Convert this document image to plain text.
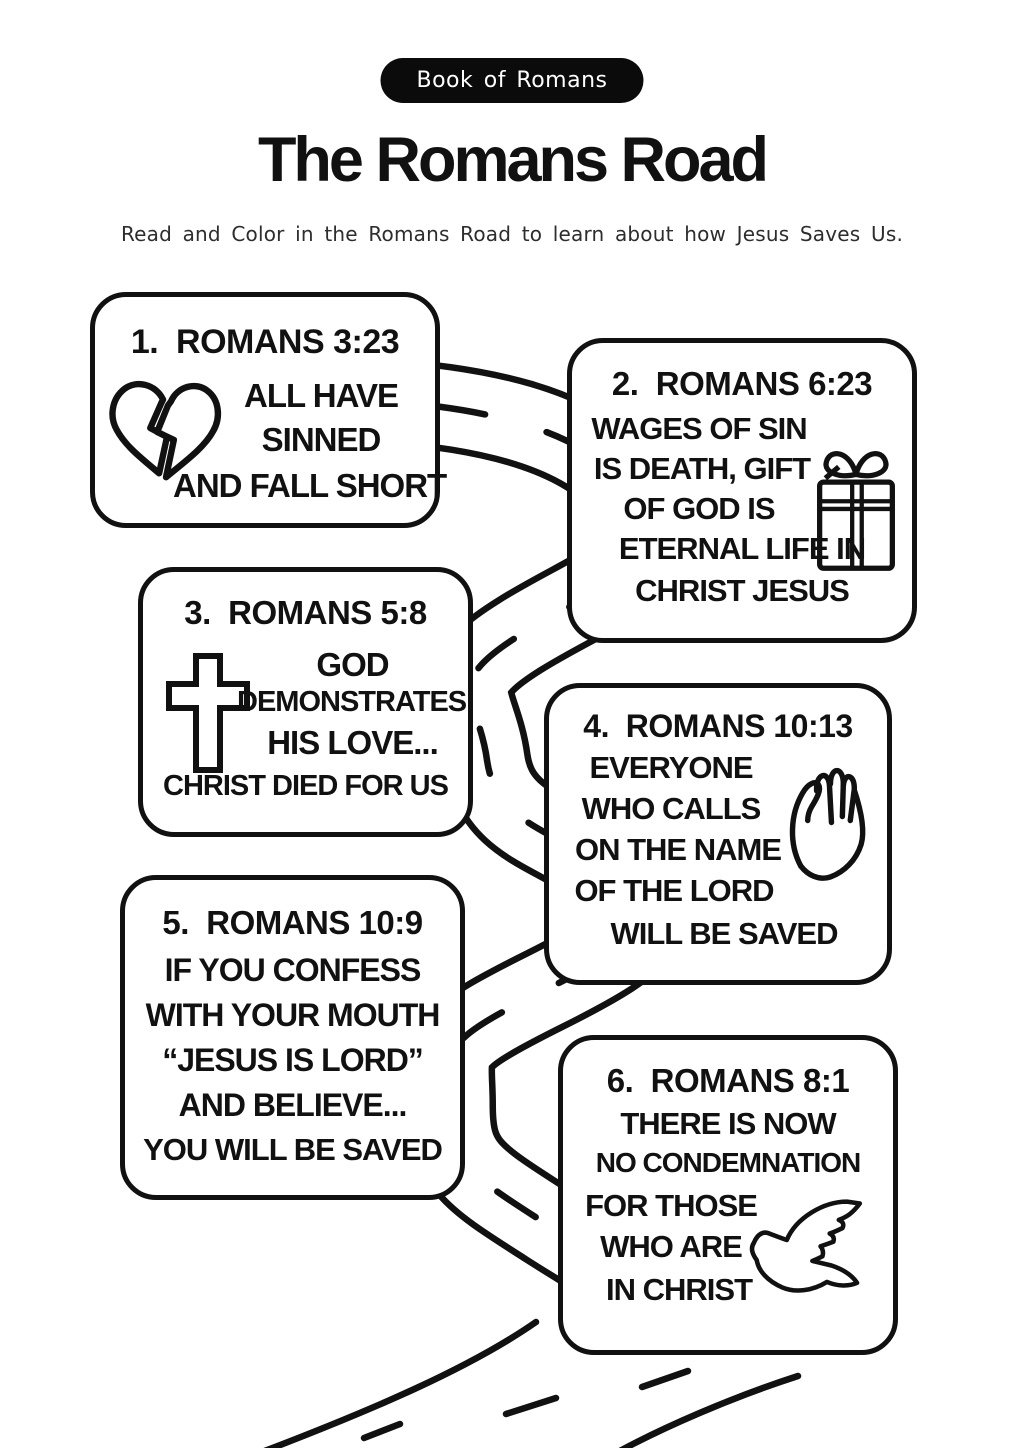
Book of Romans
The Romans Road
Read and Color in the Romans Road to learn about how Jesus Saves Us.
1.  ROMANS 3:23
ALL HAVE
SINNED
AND FALL SHORT
2.  ROMANS 6:23
WAGES OF SIN
IS DEATH, GIFT
OF GOD IS
ETERNAL LIFE IN
CHRIST JESUS
3.  ROMANS 5:8
GOD
DEMONSTRATES
HIS LOVE...
CHRIST DIED FOR US
4.  ROMANS 10:13
EVERYONE
WHO CALLS
ON THE NAME
OF THE LORD
WILL BE SAVED
5.  ROMANS 10:9
IF YOU CONFESS
WITH YOUR MOUTH
“JESUS IS LORD”
AND BELIEVE...
YOU WILL BE SAVED
6.  ROMANS 8:1
THERE IS NOW
NO CONDEMNATION
FOR THOSE
WHO ARE
IN CHRIST
